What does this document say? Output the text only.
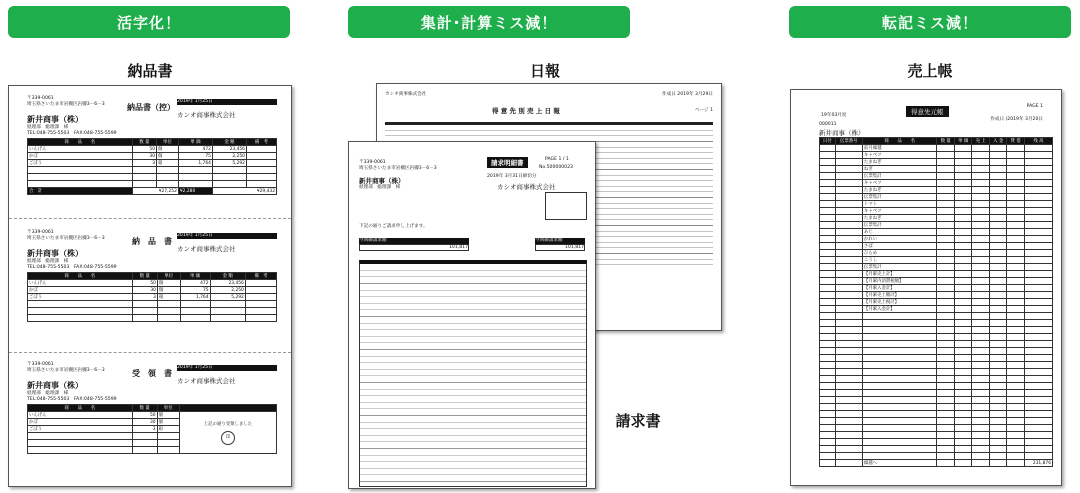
活字化！	集計･計算ミス減！	転記ミス減！
納品書	日報	売上帳
請求書
〒339-0061
埼玉県さいたま市岩槻区岩槻3－6－3
新井商事（株）
経理部　総理課　様
TEL:048-755-5503　FAX:048-755-5599
納品書（控）
2019年 1月25日
カンオ商事株式会社
商　　品　　名	数 量	単位	単 価	金 額	備　考
いんげん	50	個	472	23,456	
かぼ	30	個	75	2,250	
ごぼう	3	箱	1,764	5,292	

合　計	¥27,252		¥2,280	¥29,432	
〒339-0061
埼玉県さいたま市岩槻区岩槻3－6－3
新井商事（株）
経理部　総理課　様
TEL:048-755-5503　FAX:048-755-5599
納　品　書
2019年 1月25日
カンオ商事株式会社
商　　品　　名	数 量	単位	単 価	金 額	備　考
いんげん	50	個	472	23,456	
かぼ	30	個	75	2,250	
ごぼう	3	箱	1,764	5,292	

〒339-0061
埼玉県さいたま市岩槻区岩槻3－6－3
新井商事（株）
経理部　総理課　様
TEL:048-755-5503　FAX:048-755-5599
受　領　書
2019年 1月25日
カンオ商事株式会社
商　　品　　名	数 量	単位	
いんげん	50	個	上記の通り受領しました
印

かぼ	30	個	
ごぼう	3	箱	

カシオ商事株式会社
得 意 先 別 売 上 日 報
作成日 2019年 3月29日
ページ 1
〒339-0061
埼玉県さいたま市岩槻区岩槻3－6－3
新井商事（株）
経理部　総理課　様
請求明細書	PAGE 1 / 1
No.500000023
2019年 3月31日締切分
カシオ商事株式会社
下記の通りご請求申し上げます。
今回御請求額
101,817
今回御請求額
101,817
得意先元帳
PAGE 1
19年03月度
作成日 (2019年 3月20日
000011
新井商事（株）
日付	伝票番号	商　　品　　名	数 量	単 価	売 上	入 金	貸 借	残 高
		前月繰越						
		キャベツ						
		たまねぎ						
		ねぎ						
		伝票集計						
		キャベツ						
		たまねぎ						
		伝票集計						
		トマト						
		キャベツ						
		たまねぎ						
		伝票集計						
		あじ						
		かれい						
		さば						
		ひらめ						
		こうし						
		伝票集計						
		【月累売上計】						
		【月累内消費税額】						
		【月累入金計】						
		【月累売上額計】						
		【月累売上税計】						
		【月累入金計】						

		繰越へ						231,876
